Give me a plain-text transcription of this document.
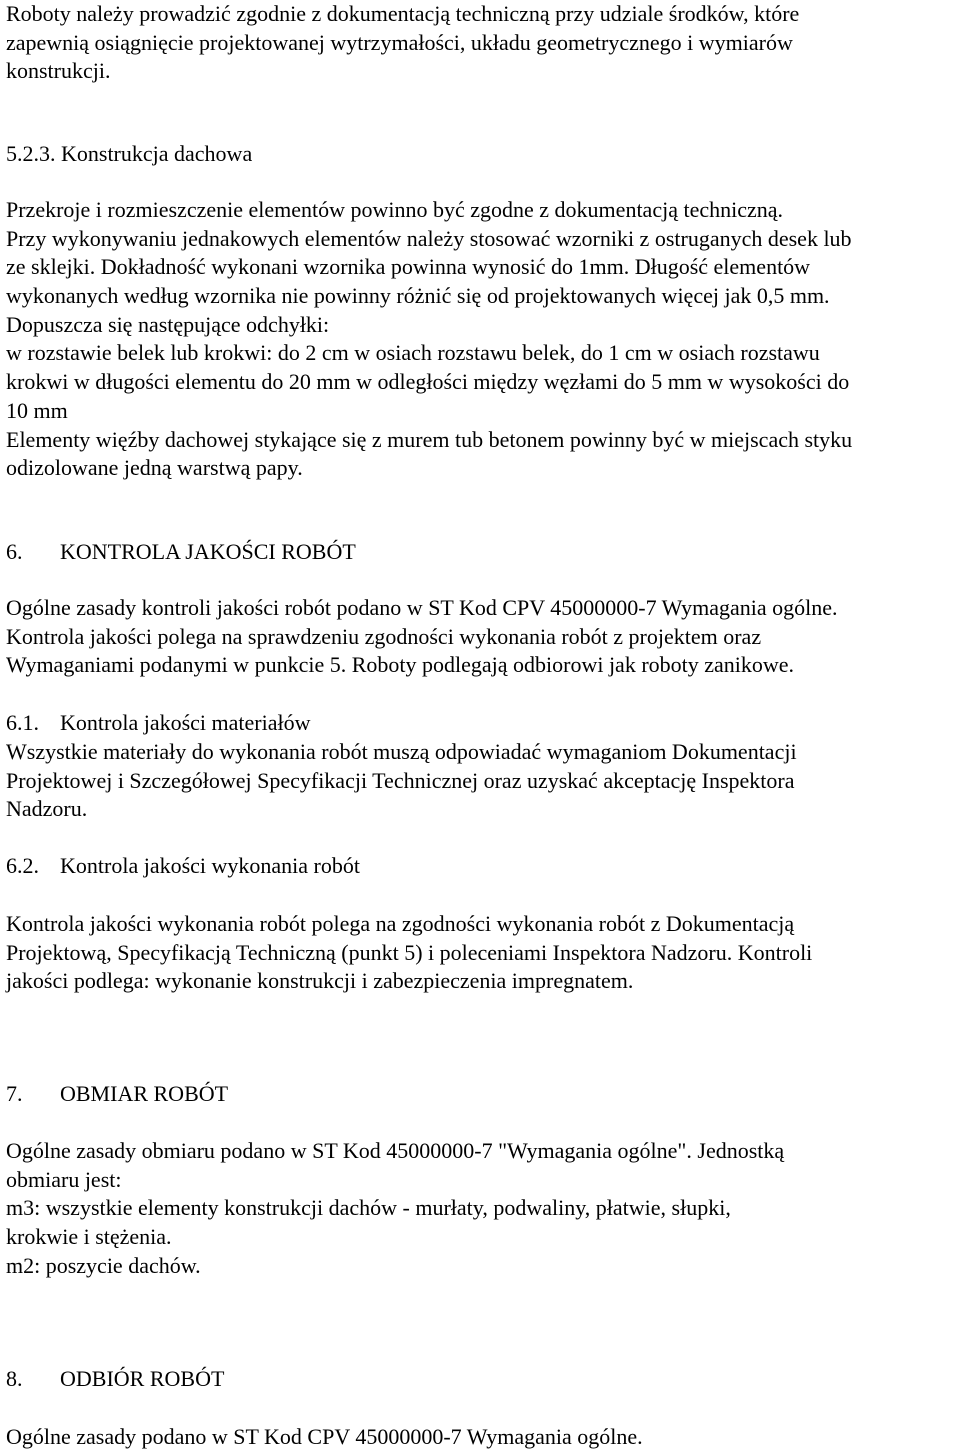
Roboty należy prowadzić zgodnie z dokumentacją techniczną przy udziale środków, które
zapewnią osiągnięcie projektowanej wytrzymałości, układu geometrycznego i wymiarów
konstrukcji.
5.2.3. Konstrukcja dachowa
Przekroje i rozmieszczenie elementów powinno być zgodne z dokumentacją techniczną.
Przy wykonywaniu jednakowych elementów należy stosować wzorniki z ostruganych desek lub
ze sklejki. Dokładność wykonani wzornika powinna wynosić do 1mm. Długość elementów
wykonanych według wzornika nie powinny różnić się od projektowanych więcej jak 0,5 mm.
Dopuszcza się następujące odchyłki:
w rozstawie belek lub krokwi: do 2 cm w osiach rozstawu belek, do 1 cm w osiach rozstawu
krokwi w długości elementu do 20 mm w odległości między węzłami do 5 mm w wysokości do
10 mm
Elementy więźby dachowej stykające się z murem tub betonem powinny być w miejscach styku
odizolowane jedną warstwą papy.
6. KONTROLA JAKOŚCI ROBÓT
Ogólne zasady kontroli jakości robót podano w ST Kod CPV 45000000-7 Wymagania ogólne.
Kontrola jakości polega na sprawdzeniu zgodności wykonania robót z projektem oraz
Wymaganiami podanymi w punkcie 5. Roboty podlegają odbiorowi jak roboty zanikowe.
6.1. Kontrola jakości materiałów
Wszystkie materiały do wykonania robót muszą odpowiadać wymaganiom Dokumentacji
Projektowej i Szczegółowej Specyfikacji Technicznej oraz uzyskać akceptację Inspektora
Nadzoru.
6.2. Kontrola jakości wykonania robót
Kontrola jakości wykonania robót polega na zgodności wykonania robót z Dokumentacją
Projektową, Specyfikacją Techniczną (punkt 5) i poleceniami Inspektora Nadzoru. Kontroli
jakości podlega: wykonanie konstrukcji i zabezpieczenia impregnatem.
7. OBMIAR ROBÓT
Ogólne zasady obmiaru podano w ST Kod 45000000-7 "Wymagania ogólne". Jednostką
obmiaru jest:
m3: wszystkie elementy konstrukcji dachów - murłaty, podwaliny, płatwie, słupki,
krokwie i stężenia.
m2: poszycie dachów.
8. ODBIÓR ROBÓT
Ogólne zasady podano w ST Kod CPV 45000000-7 Wymagania ogólne.
